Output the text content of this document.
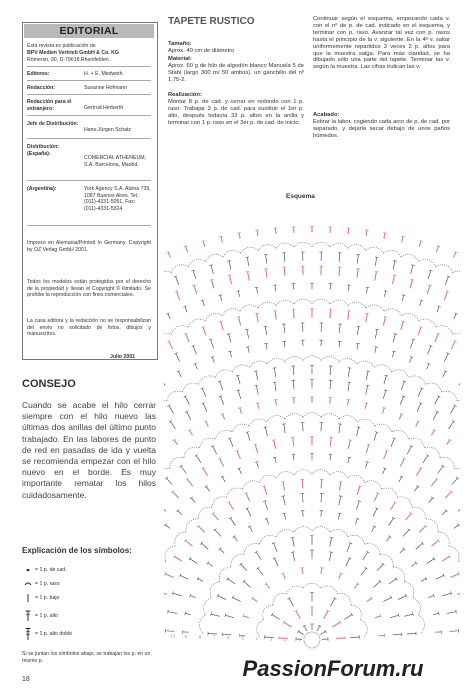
EDITORIAL
Esta revista es publicación de
BPV Medien Vertrieb GmbH & Co. KG
Römerstr. 90, D-79618 Rheinfelden.
Editores:	H. + E. Medweth.
Redacción:	Susanne Hofmann
Redacción para el extranjero:	Gertrud Herberth
Jefe de Distribución:
Hans-Jürgen Schatz
Distribución: (España):
COMERCIAL ATHENEUM, S.A. Barcelona, Madrid.
(Argentina):	York Agency S.A. Alsina 739, 1087 Buenos Aires. Tel.: (011)-4331-5051, Fax: (011)-4331-5324
Impreso en Alemania/Printed in Germany. Copyright by OZ Verlag GmbH 2001.
Todos los modelos están protegidos por el derecho de la propiedad y llevan el Copyright © ilimitado. Se prohibe la reproducción con fines comerciales.
La casa editora y la redacción no se responsabilizan del envío no solicitado de fotos, dibujos y manuscritos.
Julio 2001
CONSEJO
Cuando se acabe el hilo cerrar siempre con el hilo nuevo las últimas dos anillas del último punto trabajado. En las labores de punto de red en pasadas de ida y vuelta se recomienda empezar con el hilo nuevo en el borde. Es muy importante rematar los hilos cuidadosamente.
Explicación de los símbolos:
= 1 p. de cad.
= 1 p. raso
= 1 p. bajo
= 1 p. alto
= 1 p. alto doble
Si se juntan los símbolos abajo, se trabajan los p. en un mismo p.
18
TAPETE RUSTICO
Tamaño:
Aprox. 40 cm de diámetro
Material:
Aprox. 60 g de hilo de algodón blanco Manuela 5 de Stahl (largo 300 m/ 50 ambos), un ganchillo del nº 1,75-2.
Realización:
Montar 8 p. de cad. y cerrar en redondo con 1 p. raso. Trabajar 3 p. de cad. para sustituir el 1er p. alto, después todavía 33 p. altos en la anilla y terminar con 1 p. raso en el 3er p. de cad. de inicio.
Continuar según el esquema, empezando cada v. con el nº de p. de cad. indicado en el esquema, y terminar con p. raso. Avanzar tal vez con p. rasos hasta el principio de la v. siguiente. En la 4ª v. saltar uniformemente repartidos 3 veces 2 p. altos para que la muestra salga. Para más claridad, se ha dibujado sólo una parte del tapete. Terminar las v. según la muestra. Las cifras indican las v.
Acabado:
Estirar la labor, cogiendo cada arco de p. de cad. por separado, y dejarla secar debajo de unos paños húmedos.
Esquema
1
2
3
4
5
6
7
8
9
10
PassionForum.ru
